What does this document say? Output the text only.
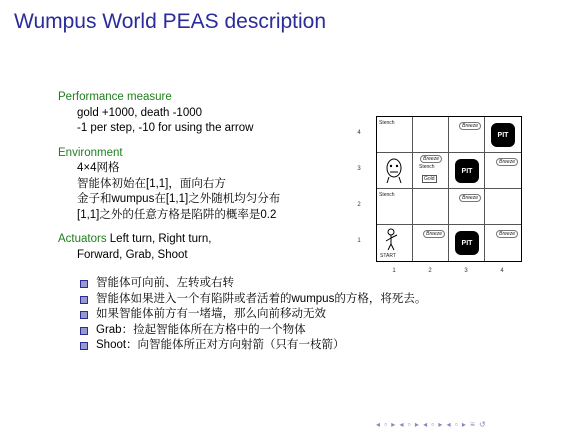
Wumpus World PEAS description
Performance measure
gold +1000, death -1000
-1 per step, -10 for using the arrow
Environment
4×4网格
智能体初始在[1,1]，面向右方
金子和wumpus在[1,1]之外随机均匀分布
[1,1]之外的任意方格是陷阱的概率是0.2
Actuators Left turn, Right turn,
Forward, Grab, Shoot
智能体可向前、左转或右转
智能体如果进入一个有陷阱或者活着的wumpus的方格，将死去。
如果智能体前方有一堵墙，那么向前移动无效
Grab：捡起智能体所在方格中的一个物体
Shoot：向智能体所正对方向射箭（只有一枝箭）
4
3
2
1
Stench	Breeze
PIT
Breeze
Stench
Gold
PIT
Breeze
Stench	Breeze
START
Breeze
PIT
Breeze
1	2	3	4
◂ ▫ ▸ ◂ ▫ ▸ ◂ ▫ ▸ ◂ ▫ ▸ ≡ ↺
